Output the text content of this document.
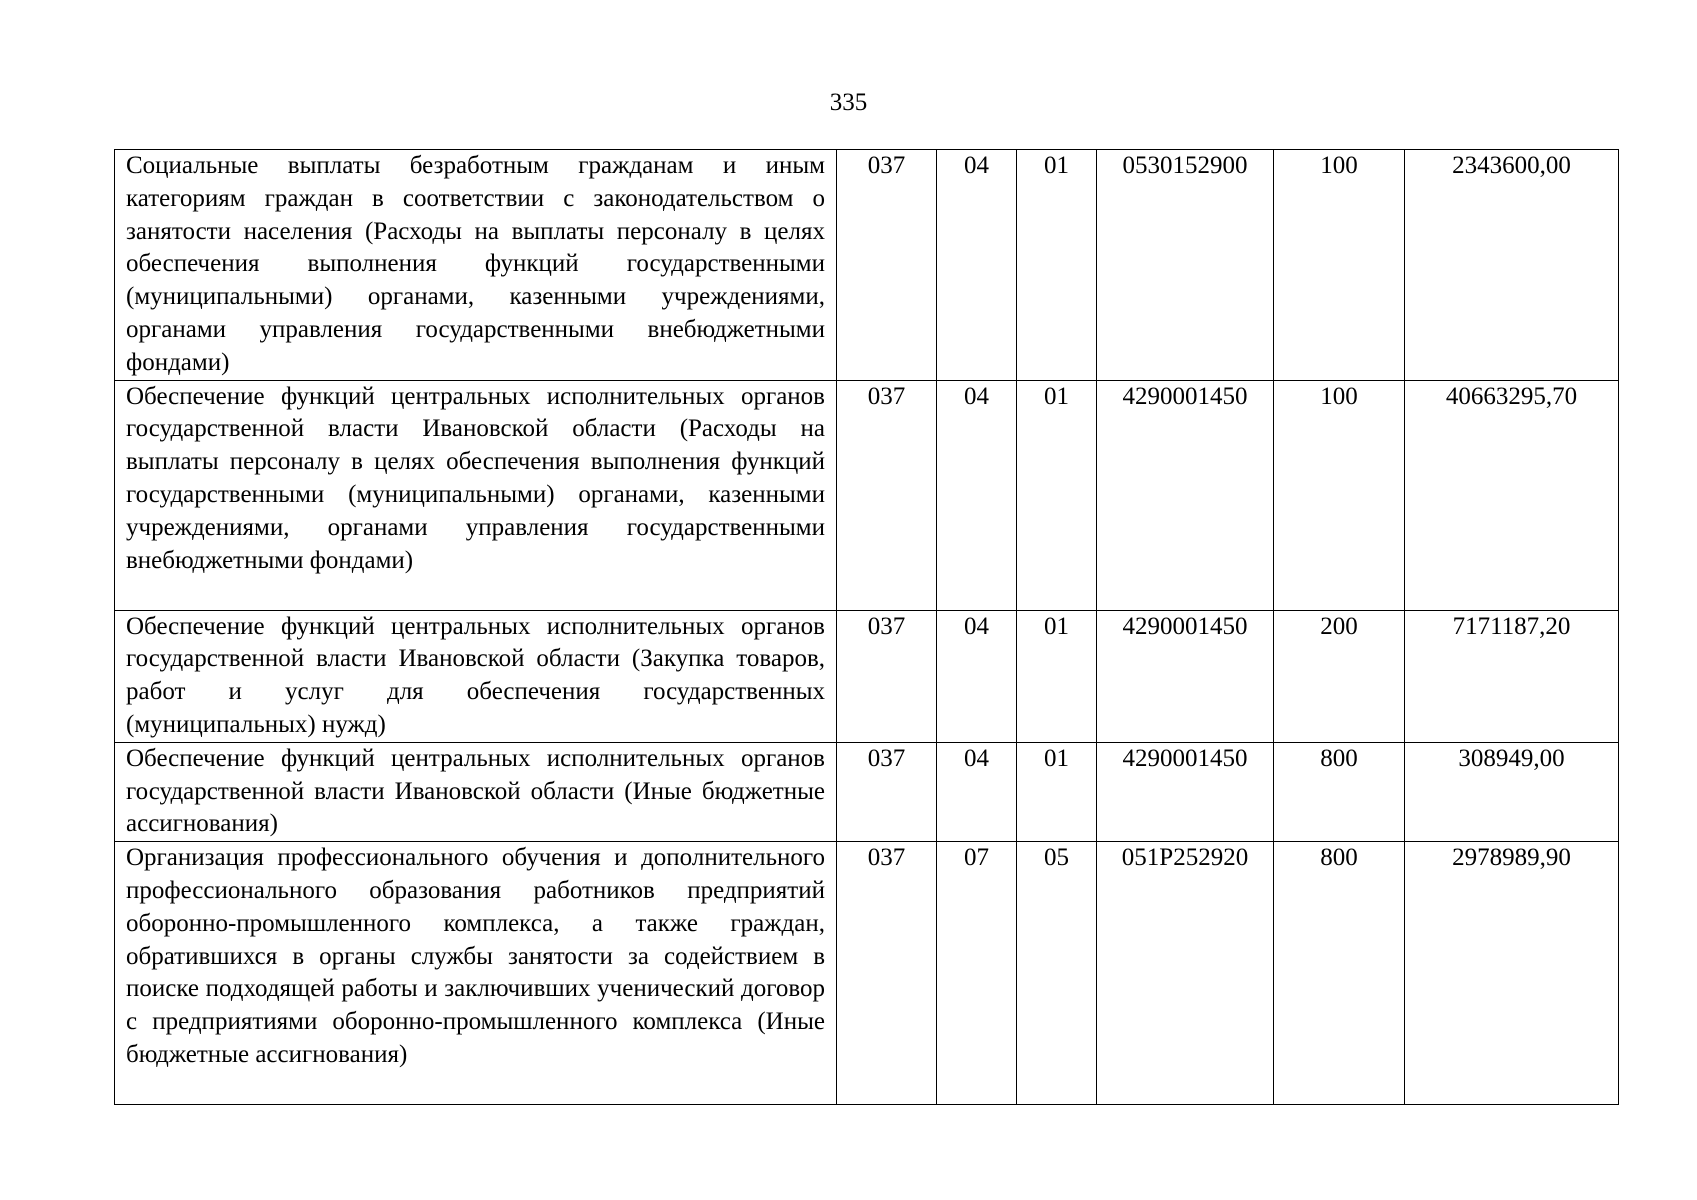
335
Социальные выплаты безработным гражданам и иным категориям граждан в соответствии с законодательством о занятости населения (Расходы на выплаты персоналу в целях обеспечения выполнения функций государственными (муниципальными) органами, казенными учреждениями, органами управления государственными внебюджетными фондами)	037	04	01	0530152900	100	2343600,00
Обеспечение функций центральных исполнительных органов государственной власти Ивановской области (Расходы на выплаты персоналу в целях обеспечения выполнения функций государственными (муниципальными) органами, казенными учреждениями, органами управления государственными внебюджетными фондами)	037	04	01	4290001450	100	40663295,70
Обеспечение функций центральных исполнительных органов государственной власти Ивановской области (Закупка товаров, работ и услуг для обеспечения государственных (муниципальных) нужд)	037	04	01	4290001450	200	7171187,20
Обеспечение функций центральных исполнительных органов государственной власти Ивановской области (Иные бюджетные ассигнования)	037	04	01	4290001450	800	308949,00
Организация профессионального обучения и дополнительного профессионального образования работников предприятий оборонно-промышленного комплекса, а также граждан, обратившихся в органы службы занятости за содействием в поиске подходящей работы и заключивших ученический договор с предприятиями оборонно-промышленного комплекса (Иные бюджетные ассигнования)	037	07	05	051P252920	800	2978989,90
